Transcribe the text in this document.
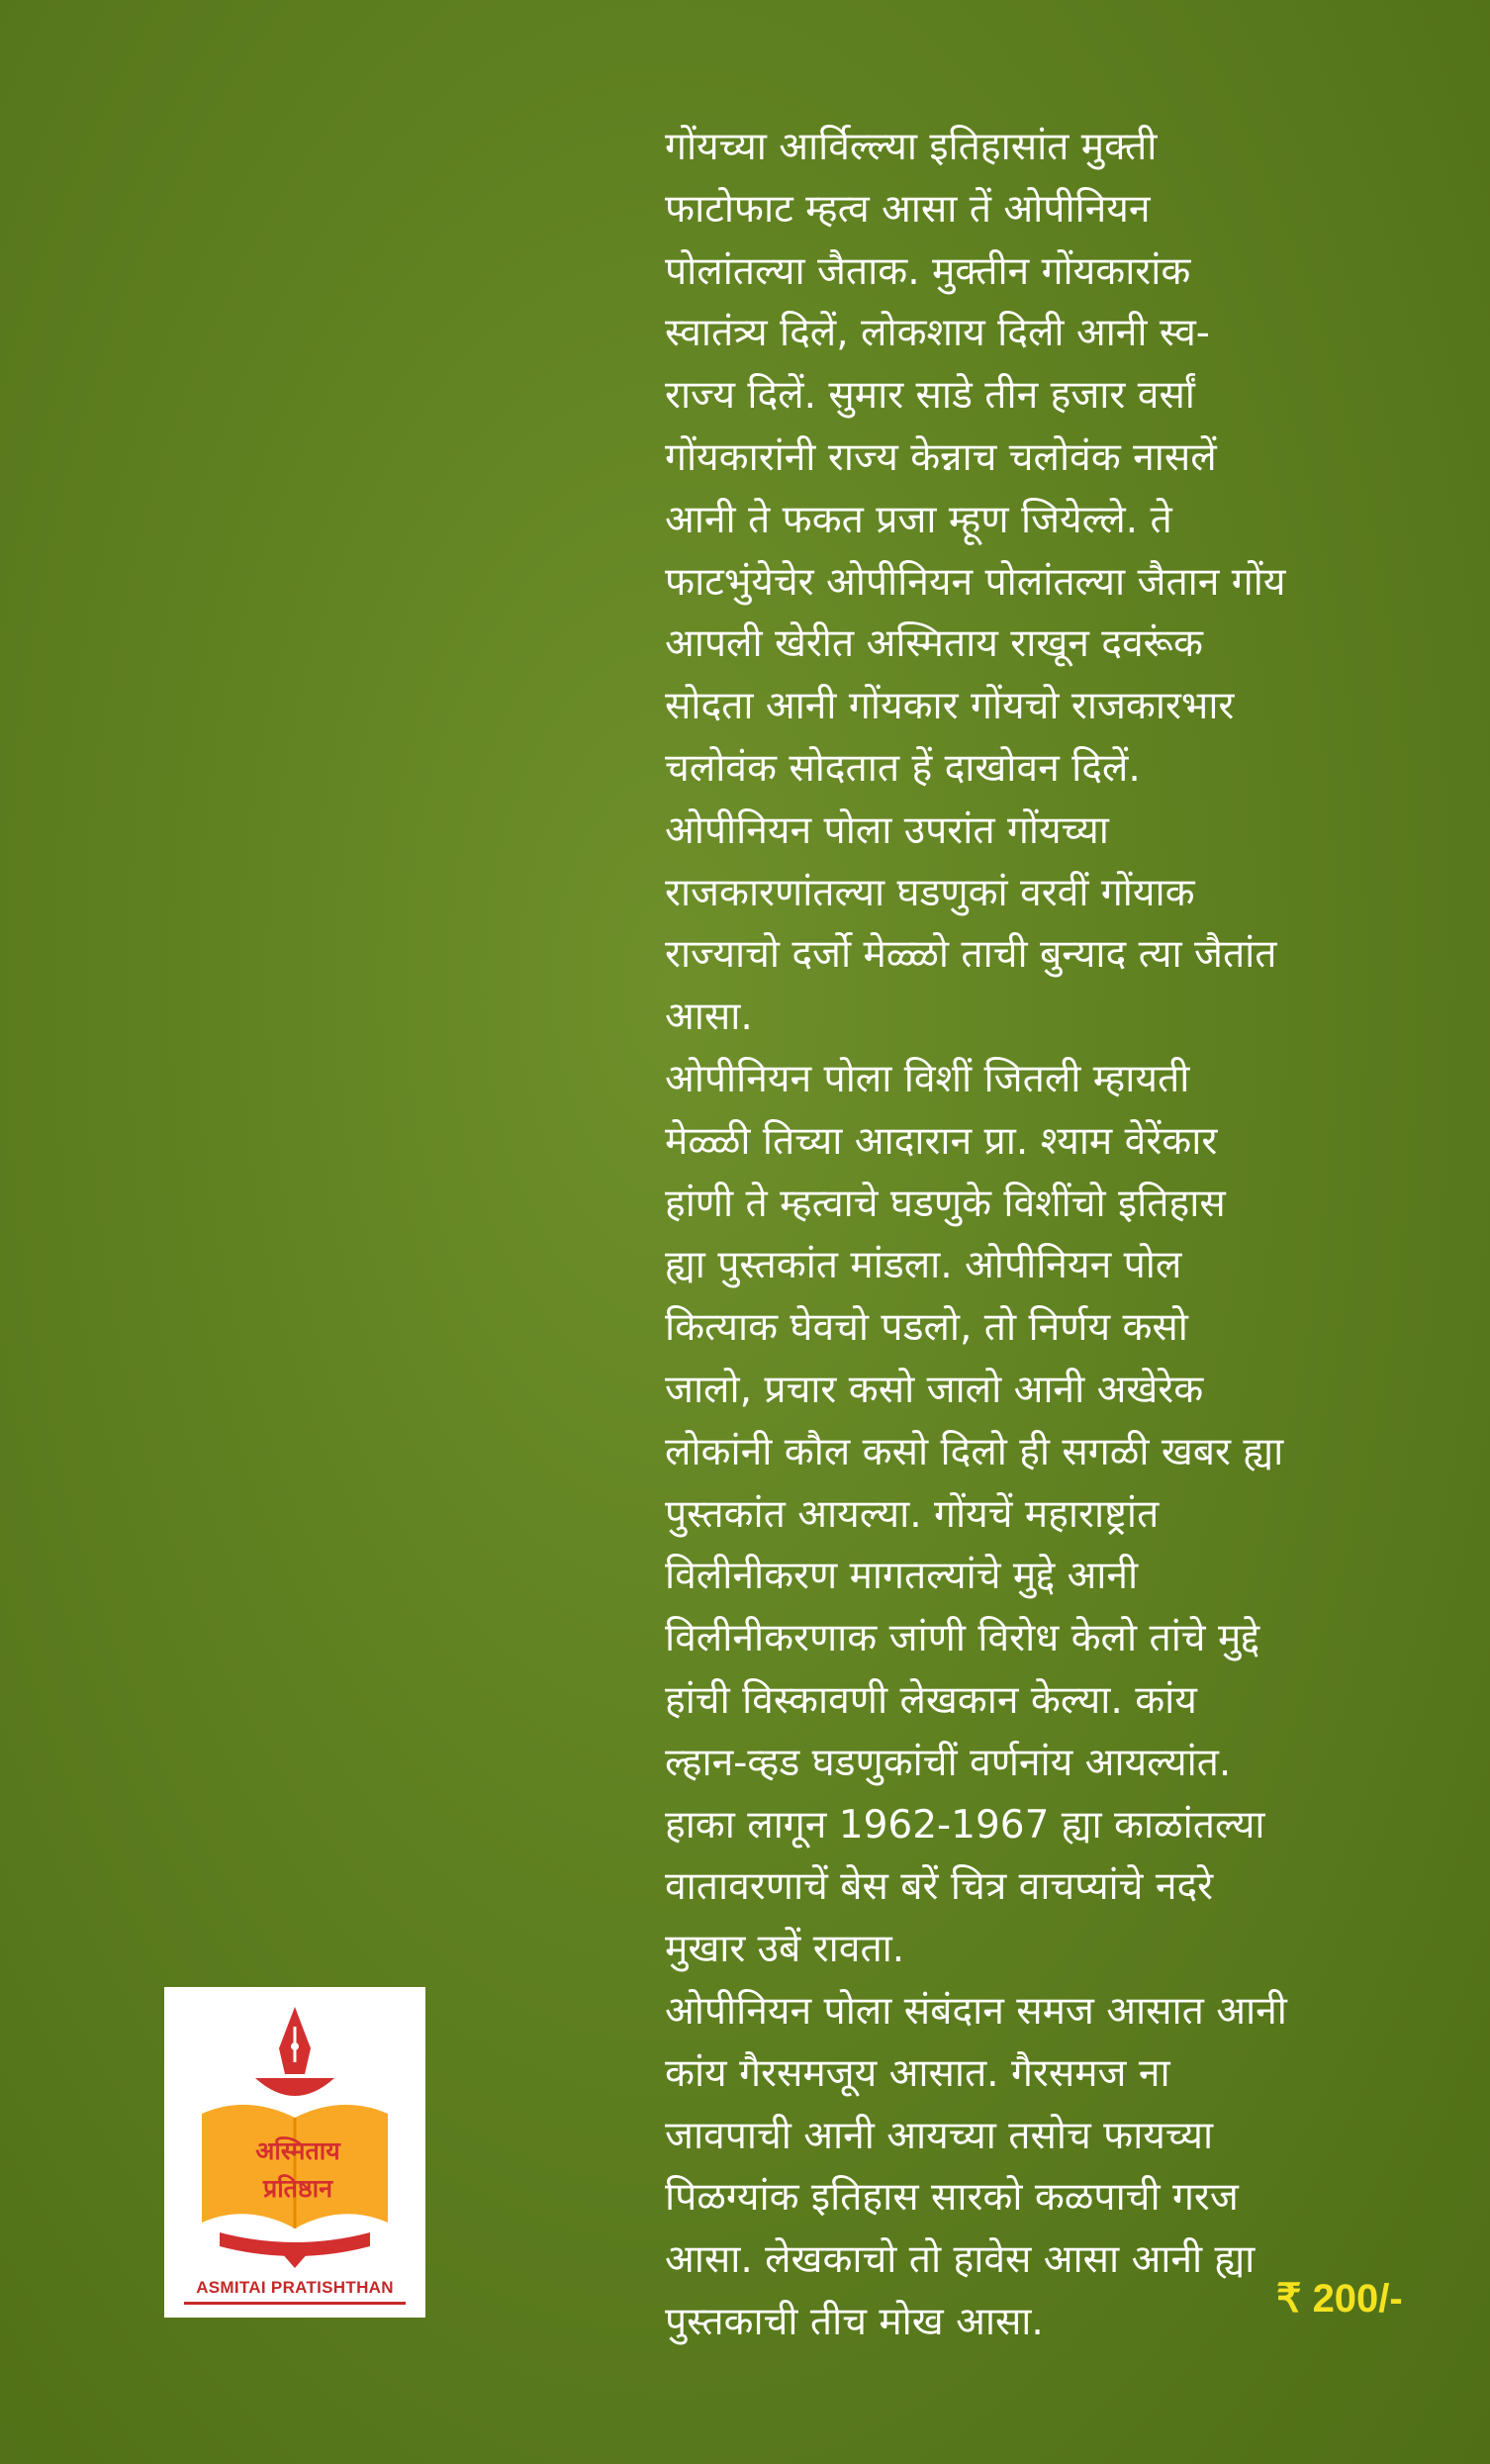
गोंयच्या आर्विल्ल्या इतिहासांत मुक्ती
फाटोफाट म्हत्व आसा तें ओपीनियन
पोलांतल्या जैताक. मुक्तीन गोंयकारांक
स्वातंत्र्य दिलें, लोकशाय दिली आनी स्व-
राज्य दिलें. सुमार साडे तीन हजार वर्सां
गोंयकारांनी राज्य केन्नाच चलोवंक नासलें
आनी ते फकत प्रजा म्हूण जियेल्ले. ते
फाटभुंयेचेर ओपीनियन पोलांतल्या जैतान गोंय
आपली खेरीत अस्मिताय राखून दवरूंक
सोदता आनी गोंयकार गोंयचो राजकारभार
चलोवंक सोदतात हें दाखोवन दिलें.
ओपीनियन पोला उपरांत गोंयच्या
राजकारणांतल्या घडणुकां वरवीं गोंयाक
राज्याचो दर्जो मेळ्ळो ताची बुन्याद त्या जैतांत
आसा.

ओपीनियन पोला विशीं जितली म्हायती
मेळ्ळी तिच्या आदारान प्रा. श्याम वेरेंकार
हांणी ते म्हत्वाचे घडणुके विशींचो इतिहास
ह्या पुस्तकांत मांडला. ओपीनियन पोल
कित्याक घेवचो पडलो, तो निर्णय कसो
जालो, प्रचार कसो जालो आनी अखेरेक
लोकांनी कौल कसो दिलो ही सगळी खबर ह्या
पुस्तकांत आयल्या. गोंयचें महाराष्ट्रांत
विलीनीकरण मागतल्यांचे मुद्दे आनी
विलीनीकरणाक जांणी विरोध केलो तांचे मुद्दे
हांची विस्कावणी लेखकान केल्या. कांय
ल्हान-व्हड घडणुकांचीं वर्णनांय आयल्यांत.
हाका लागून 1962-1967 ह्या काळांतल्या
वातावरणाचें बेस बरें चित्र वाचप्यांचे नदरे
मुखार उबें रावता.

ओपीनियन पोला संबंदान समज आसात आनी
कांय गैरसमजूय आसात. गैरसमज ना
जावपाची आनी आयच्या तसोच फायच्या
पिळग्यांक इतिहास सारको कळपाची गरज
आसा. लेखकाचो तो हावेस आसा आनी ह्या
पुस्तकाची तीच मोख आसा.

अस्मिताय
प्रतिष्ठान
ASMITAI PRATISHTHAN	₹ 200/-
